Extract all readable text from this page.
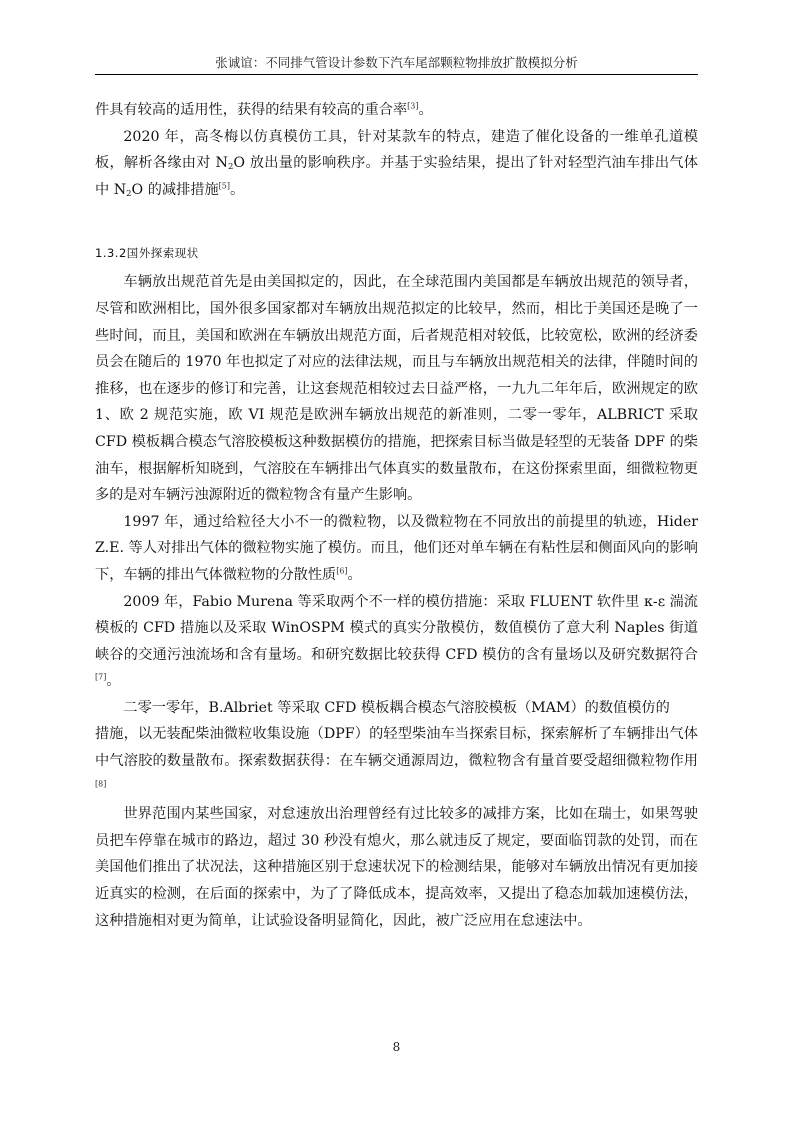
张诚谊：不同排气管设计参数下汽车尾部颗粒物排放扩散模拟分析

件具有较高的适用性，获得的结果有较高的重合率[3]。

2020 年，高冬梅以仿真模仿工具，针对某款车的特点，建造了催化设备的一维单孔道模板，解析各缘由对 $N_2O$ 放出量的影响秩序。并基于实验结果，提出了针对轻型汽油车排出气体中 $N_2O$ 的减排措施[5]。

1.3.2国外探索现状

车辆放出规范首先是由美国拟定的，因此，在全球范围内美国都是车辆放出规范的领导者，尽管和欧洲相比，国外很多国家都对车辆放出规范拟定的比较早，然而，相比于美国还是晚了一些时间，而且，美国和欧洲在车辆放出规范方面，后者规范相对较低，比较宽松，欧洲的经济委员会在随后的 1970 年也拟定了对应的法律法规，而且与车辆放出规范相关的法律，伴随时间的推移，也在逐步的修订和完善，让这套规范相较过去日益严格，一九九二年年后，欧洲规定的欧 1、欧 2 规范实施，欧 VI 规范是欧洲车辆放出规范的新准则，二零一零年，ALBRICT 采取 CFD 模板耦合模态气溶胶模板这种数据模仿的措施，把探索目标当做是轻型的无装备 DPF 的柴油车，根据解析知晓到，气溶胶在车辆排出气体真实的数量散布，在这份探索里面，细微粒物更多的是对车辆污浊源附近的微粒物含有量产生影响。

1997 年，通过给粒径大小不一的微粒物，以及微粒物在不同放出的前提里的轨迹，Hider Z.E. 等人对排出气体的微粒物实施了模仿。而且，他们还对单车辆在有粘性层和侧面风向的影响下，车辆的排出气体微粒物的分散性质[6]。

2009 年，Fabio Murena 等采取两个不一样的模仿措施：采取 FLUENT 软件里 κ-ε 湍流模板的 CFD 措施以及采取 WinOSPM 模式的真实分散模仿，数值模仿了意大利 Naples 街道峡谷的交通污浊流场和含有量场。和研究数据比较获得 CFD 模仿的含有量场以及研究数据符合[7]。

二零一零年，B.Albriet 等采取 CFD 模板耦合模态气溶胶模板（MAM）的数值模仿的

措施，以无装配柴油微粒收集设施（DPF）的轻型柴油车当探索目标，探索解析了车辆排出气体中气溶胶的数量散布。探索数据获得：在车辆交通源周边，微粒物含有量首要受超细微粒物作用[8]

世界范围内某些国家，对怠速放出治理曾经有过比较多的减排方案，比如在瑞士，如果驾驶员把车停靠在城市的路边，超过 30 秒没有熄火，那么就违反了规定，要面临罚款的处罚，而在美国他们推出了状况法，这种措施区别于怠速状况下的检测结果，能够对车辆放出情况有更加接近真实的检测，在后面的探索中，为了了降低成本，提高效率，又提出了稳态加载加速模仿法，这种措施相对更为简单，让试验设备明显简化，因此，被广泛应用在怠速法中。

8
